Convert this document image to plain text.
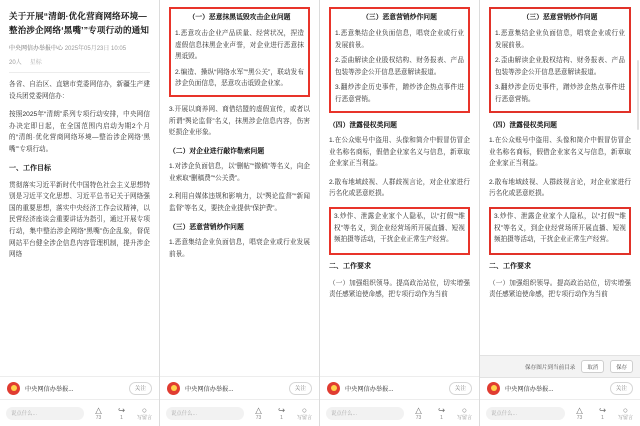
关于开展“清朗·优化营商网络环境—整治涉企网络‘黑嘴’”专项行动的通知
中央网信办举报中心 2025年05月23日 10:05
20人 星标

各省、自治区、直辖市党委网信办，新疆生产建设兵团党委网信办：

按照2025年“清朗”系列专项行动安排，中央网信办决定即日起，在全国范围内启动为期2个月的“清朗·优化营商网络环境—整治涉企网络‘黑嘴’”专项行动。

一、工作目标

贯彻落实习近平新时代中国特色社会主义思想特别是习近平文化思想、习近平总书记关于网络强国的重要思想，落实中央经济工作会议精神，以民营经济座谈会重要讲话为指引，通过开展专项行动，集中整治涉企网络“黑嘴”伤企乱象，督促网站平台健全涉企信息内容管理机制，提升涉企网络

中央网信办举报...	关注
说点什么...	△
73
↪
1
○
写留言
（一）恶意抹黑诋毁攻击企业问题

1.恶意攻击企业产品质量、经营状况，捏造虚假信息抹黑企业声誉，对企业进行恶意抹黑诋毁。

2.编造、操纵“网络水军”“黑公关”，联动发布涉企负面信息，恶意攻击诋毁企业家。

3.开展以商养网、商借结盟的虚假宣传，或者以所谓“舆论监督”名义，抹黑涉企信息内容，伤害贬损企业形象。

（二）对企业进行敲诈勒索问题

1.对涉企负面信息，以“删帖”“撤稿”等名义，向企业索取“删稿费”“公关费”。

2.利用自媒体违规和影响力，以“舆论监督”“新闻监督”等名义，要挟企业提供“保护费”。

（三）恶意营销炒作问题

1.恶意集结企业负面信息，唱衰企业或行业发展前景。

中央网信办举报...	关注
说点什么...	△
73
↪
1
○
写留言
（三）恶意营销炒作问题

1.恶意集结企业负面信息，唱衰企业或行业发展前景。

2.歪曲解读企业股权结构、财务报表、产品包装等涉企公开信息恶意解读报道。

3.翻炒涉企历史事件，蹭炒涉企热点事件进行恶意营销。

（四）泄露侵权类问题

1.在公众账号中盗用、头像和简介中假冒仿冒企业名称名商标，假借企业家名义与信息，新章取企业家正当利益。

2.散布地域歧视、人群歧视言论，对企业家进行污名化或恶意贬损。

3.炒作、泄露企业家个人隐私，以“打假”“维权”等名义，到企业经营场所开展直播、短视频拍摄等活动，干扰企业正常生产经营。

二、工作要求

（一）加强组织领导。提高政治站位，切实增强责任感紧迫使命感，把专项行动作为当前

中央网信办举报...	关注
说点什么...	△
73
↪
1
○
写留言
（三）恶意营销炒作问题

1.恶意集结企业负面信息，唱衰企业或行业发展前景。

2.歪曲解读企业股权结构、财务报表、产品包装等涉企公开信息恶意解读报道。

3.翻炒涉企历史事件，蹭炒涉企热点事件进行恶意营销。

（四）泄露侵权类问题

1.在公众账号中盗用、头像和简介中假冒仿冒企业名称名商标，假借企业家名义与信息，新章取企业家正当利益。

2.散布地域歧视、人群歧视言论，对企业家进行污名化或恶意贬损。

3.炒作、泄露企业家个人隐私，以“打假”“维权”等名义，到企业经营场所开展直播、短视频拍摄等活动，干扰企业正常生产经营。

二、工作要求

（一）加强组织领导。提高政治站位，切实增强责任感紧迫使命感，把专项行动作为当前

中央网信办举报...	关注
保存图片到当前目录	取消	保存
说点什么...	△
73
↪
1
○
写留言
